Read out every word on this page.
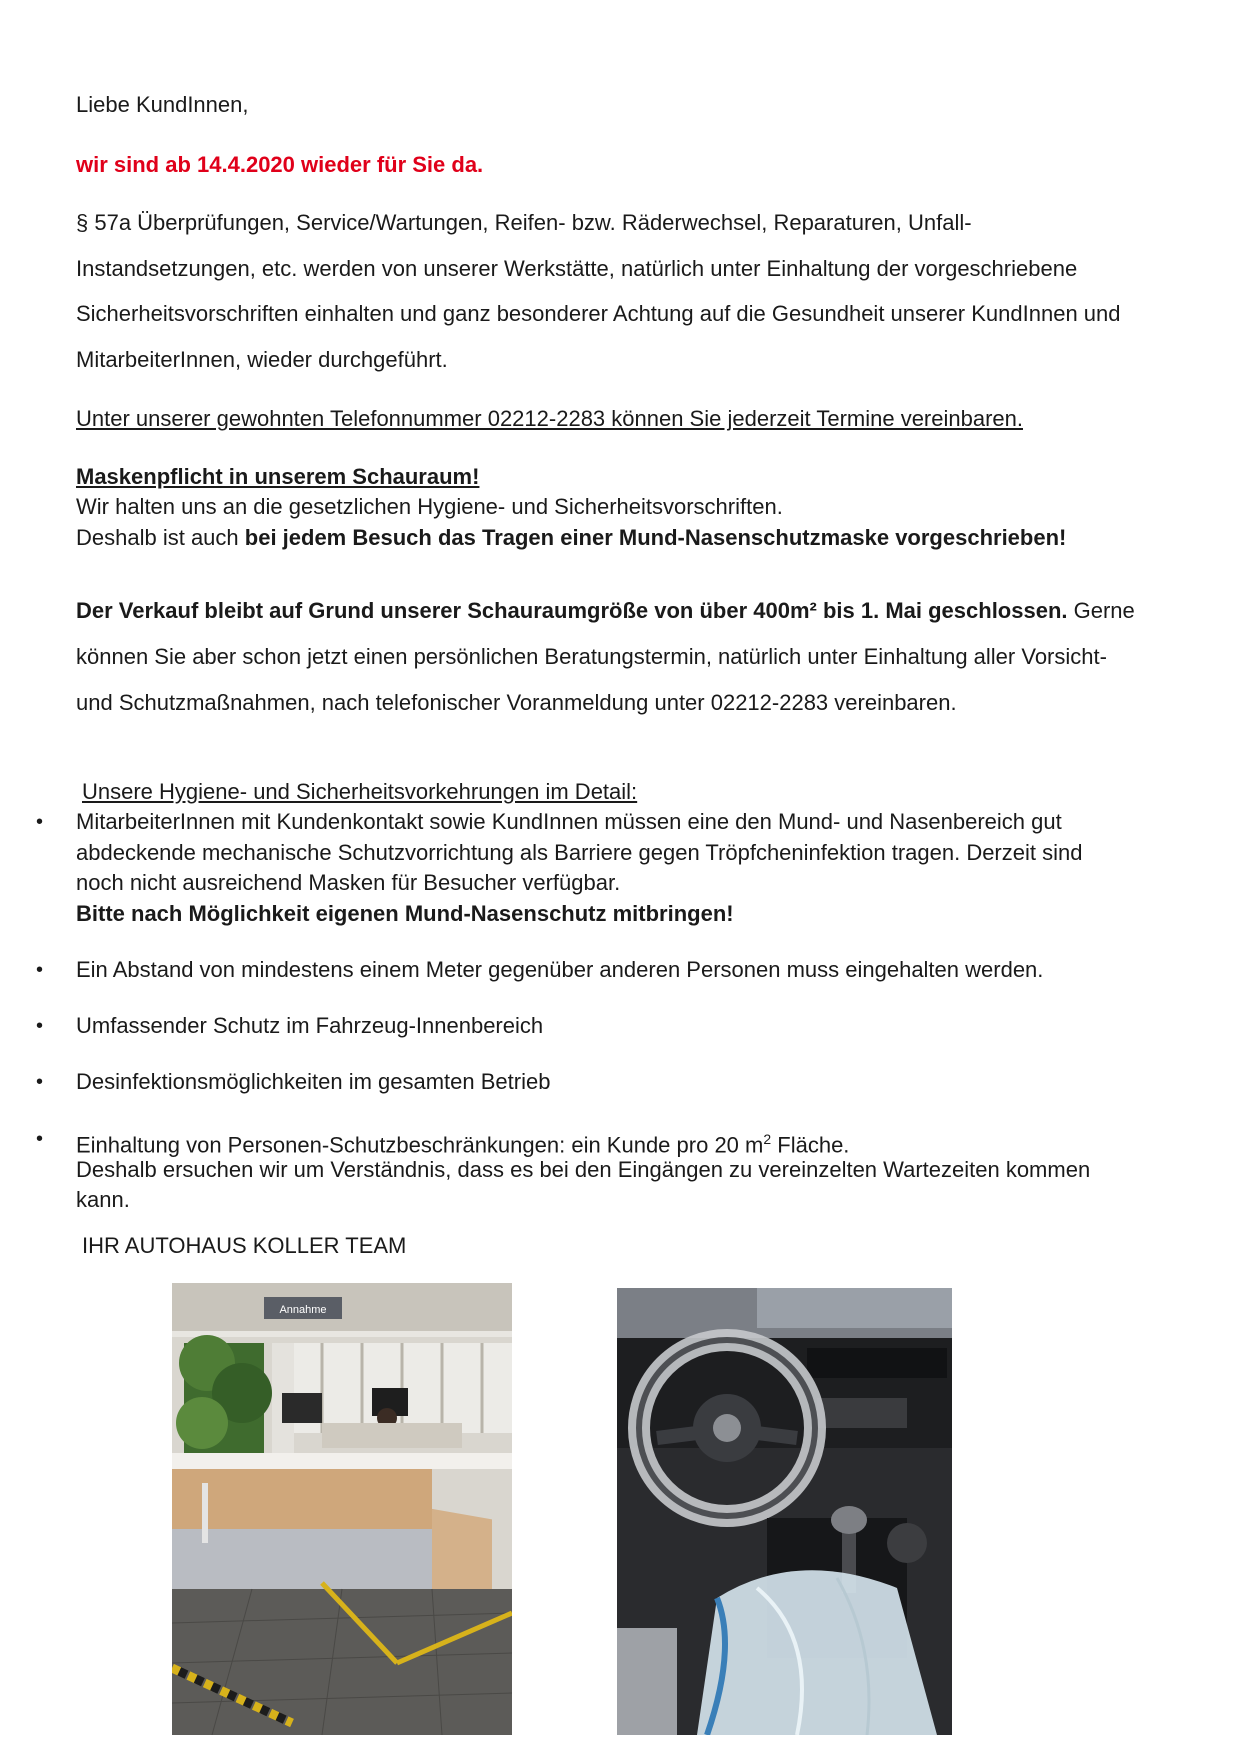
Liebe KundInnen,
wir sind ab 14.4.2020 wieder für Sie da.
§ 57a Überprüfungen, Service/Wartungen, Reifen- bzw. Räderwechsel, Reparaturen, Unfall-
Instandsetzungen, etc. werden von unserer Werkstätte, natürlich unter Einhaltung der vorgeschriebene
Sicherheitsvorschriften einhalten und ganz besonderer Achtung auf die Gesundheit unserer KundInnen und
MitarbeiterInnen, wieder durchgeführt.
Unter unserer gewohnten Telefonnummer 02212-2283 können Sie jederzeit Termine vereinbaren.
Maskenpflicht in unserem Schauraum!
Wir halten uns an die gesetzlichen Hygiene- und Sicherheitsvorschriften.
Deshalb ist auch bei jedem Besuch das Tragen einer Mund-Nasenschutzmaske vorgeschrieben!
Der Verkauf bleibt auf Grund unserer Schauraumgröße von über 400m² bis 1. Mai geschlossen. Gerne
können Sie aber schon jetzt einen persönlichen Beratungstermin, natürlich unter Einhaltung aller Vorsicht-
und Schutzmaßnahmen, nach telefonischer Voranmeldung unter 02212-2283 vereinbaren.
Unsere Hygiene- und Sicherheitsvorkehrungen im Detail:
• MitarbeiterInnen mit Kundenkontakt sowie KundInnen müssen eine den Mund- und Nasenbereich gut
abdeckende mechanische Schutzvorrichtung als Barriere gegen Tröpfcheninfektion tragen. Derzeit sind
noch nicht ausreichend Masken für Besucher verfügbar.
Bitte nach Möglichkeit eigenen Mund-Nasenschutz mitbringen!
• Ein Abstand von mindestens einem Meter gegenüber anderen Personen muss eingehalten werden.
• Umfassender Schutz im Fahrzeug-Innenbereich
• Desinfektionsmöglichkeiten im gesamten Betrieb
• Einhaltung von Personen-Schutzbeschränkungen: ein Kunde pro 20 $m^2$ Fläche.
Deshalb ersuchen wir um Verständnis, dass es bei den Eingängen zu vereinzelten Wartezeiten kommen
kann.
IHR AUTOHAUS KOLLER TEAM
Annahme
